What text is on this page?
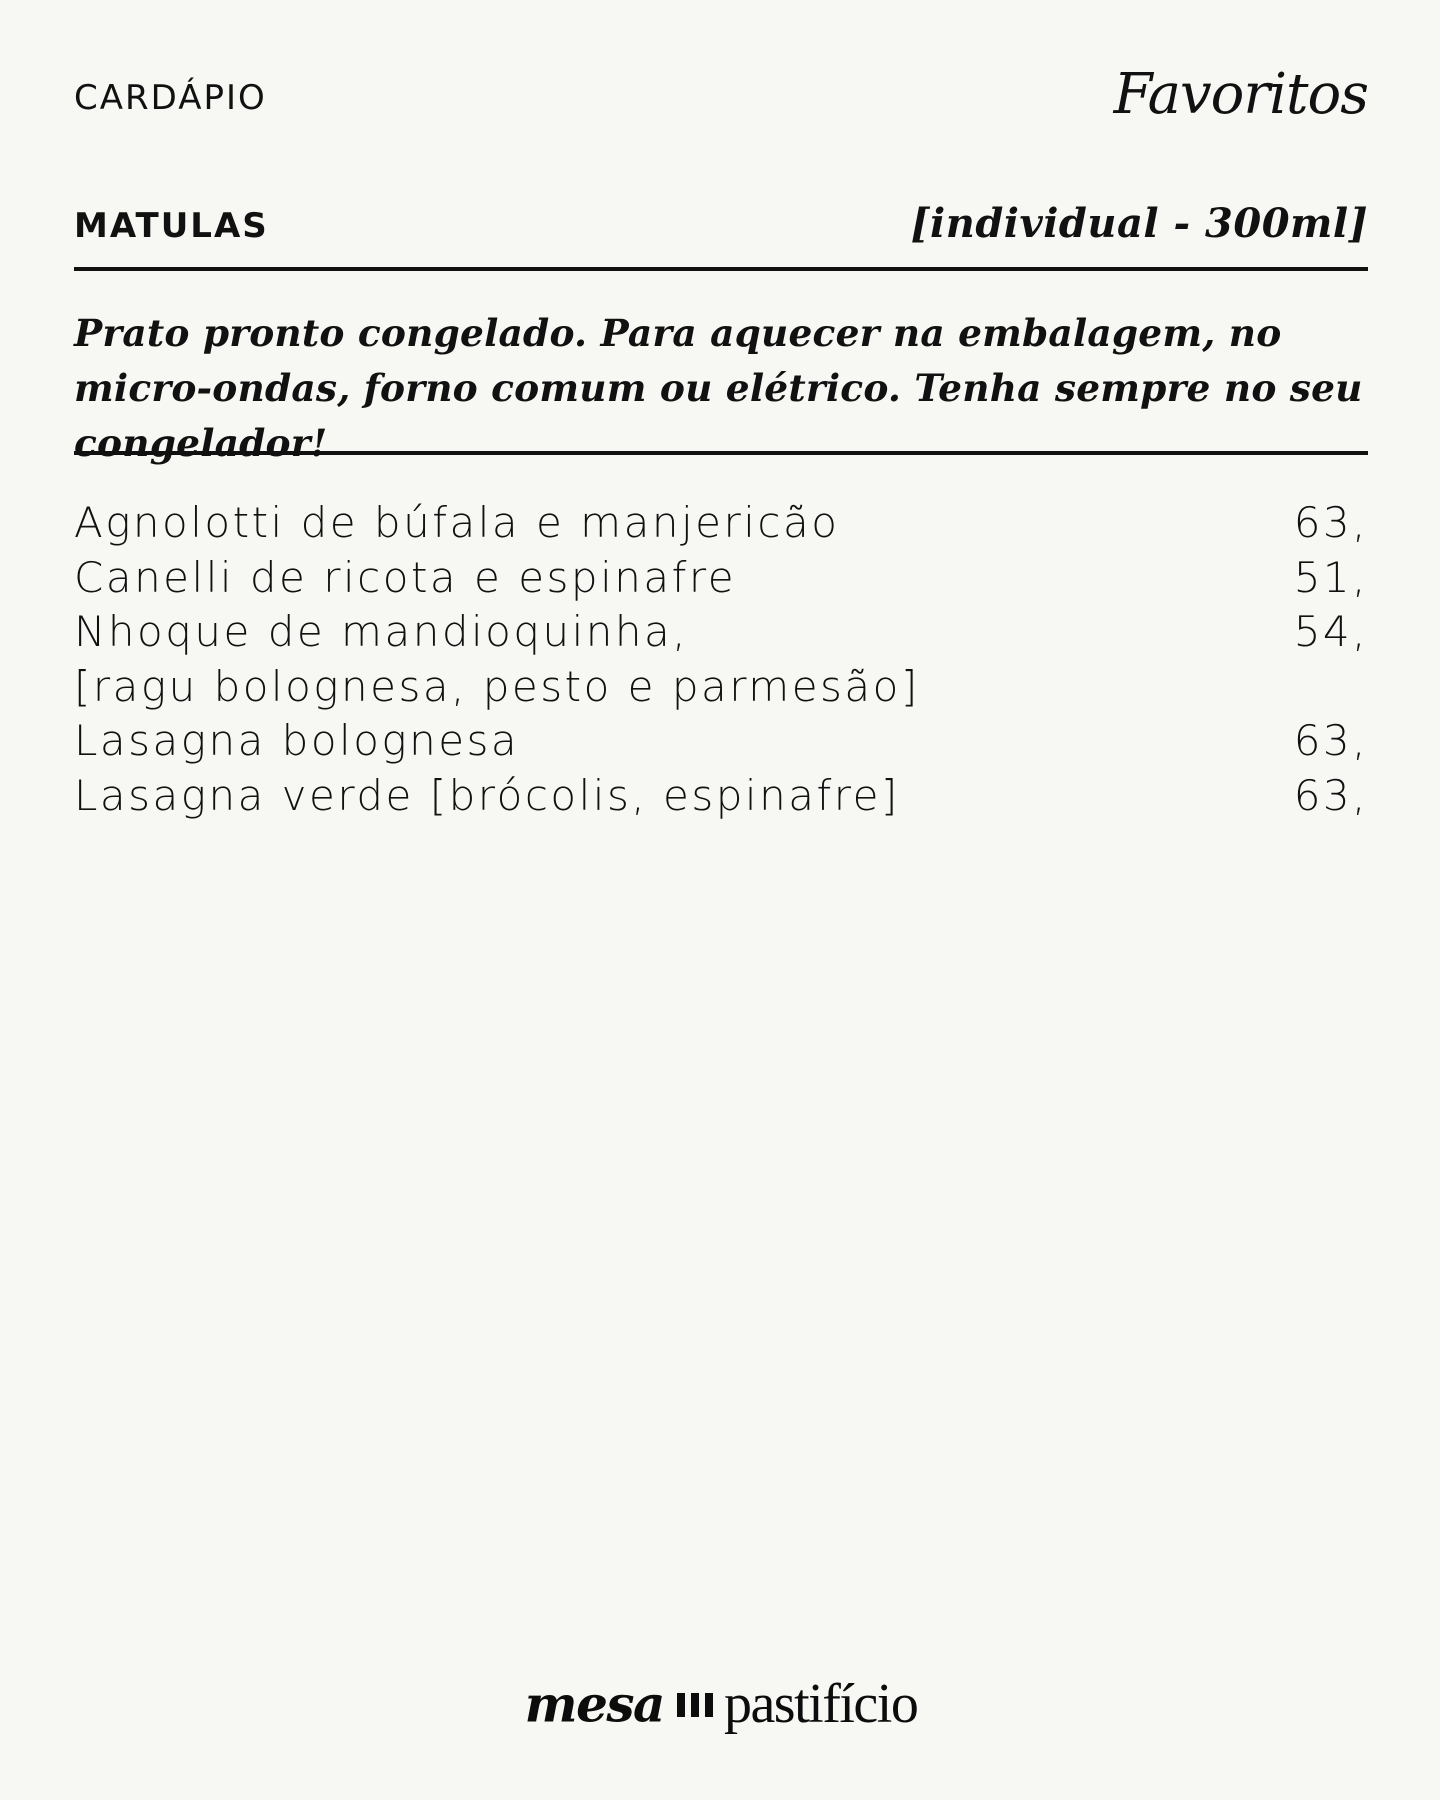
CARDÁPIO	Favoritos
MATULAS	[individual - 300ml]
Prato pronto congelado. Para aquecer na embalagem, no micro-ondas, forno comum ou elétrico. Tenha sempre no seu congelador!
Agnolotti de búfala e manjericão	63,
Canelli de ricota e espinafre	51,
Nhoque de mandioquinha,	54,
[ragu bolognesa, pesto e parmesão]
Lasagna bolognesa	63,
Lasagna verde [brócolis, espinafre]	63,
mesa pastifício
